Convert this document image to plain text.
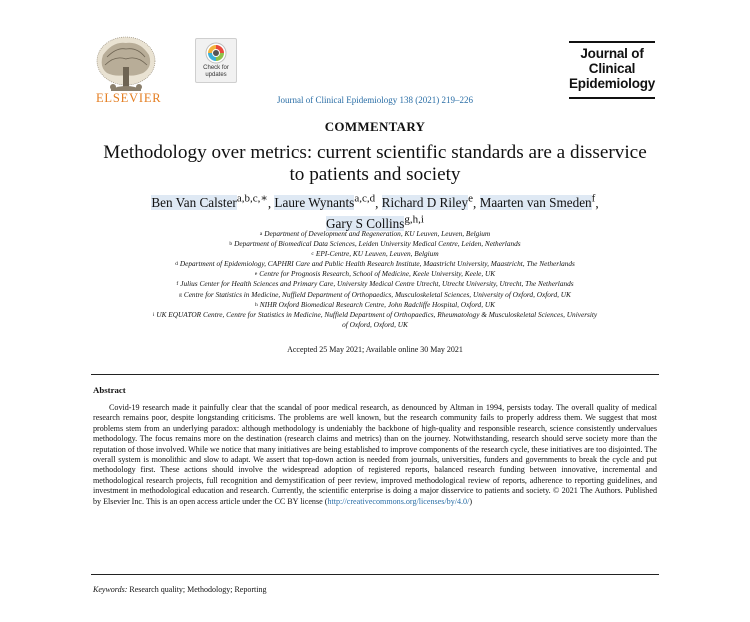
ELSEVIER
Check for
updates
Journal of
Clinical
Epidemiology
Journal of Clinical Epidemiology 138 (2021) 219–226
COMMENTARY
Methodology over metrics: current scientific standards are a disservice
to patients and society
Ben Van Calster$^{a,b,c,∗}$, Laure Wynants$^{a,c,d}$, Richard D Riley$^e$, Maarten van Smeden$^f$,
Gary S Collins$^{g,h,i}$
$^a$ Department of Development and Regeneration, KU Leuven, Leuven, Belgium
$^b$ Department of Biomedical Data Sciences, Leiden University Medical Centre, Leiden, Netherlands
$^c$ EPI-Centre, KU Leuven, Leuven, Belgium
$^d$ Department of Epidemiology, CAPHRI Care and Public Health Research Institute, Maastricht University, Maastricht, The Netherlands
$^e$ Centre for Prognosis Research, School of Medicine, Keele University, Keele, UK
$^f$ Julius Center for Health Sciences and Primary Care, University Medical Centre Utrecht, Utrecht University, Utrecht, The Netherlands
$^g$ Centre for Statistics in Medicine, Nuffield Department of Orthopaedics, Musculoskeletal Sciences, University of Oxford, Oxford, UK
$^h$ NIHR Oxford Biomedical Research Centre, John Radcliffe Hospital, Oxford, UK
$^i$ UK EQUATOR Centre, Centre for Statistics in Medicine, Nuffield Department of Orthopaedics, Rheumatology & Musculoskeletal Sciences, University
of Oxford, Oxford, UK
Accepted 25 May 2021; Available online 30 May 2021
Abstract
Covid-19 research made it painfully clear that the scandal of poor medical research, as denounced by Altman in 1994, persists today. The overall quality of medical research remains poor, despite longstanding criticisms. The problems are well known, but the research community fails to properly address them. We suggest that most problems stem from an underlying paradox: although methodology is undeniably the backbone of high-quality and responsible research, science consistently undervalues methodology. The focus remains more on the destination (research claims and metrics) than on the journey. Notwithstanding, research should serve society more than the reputation of those involved. While we notice that many initiatives are being established to improve components of the research cycle, these initiatives are too disjointed. The overall system is monolithic and slow to adapt. We assert that top-down action is needed from journals, universities, funders and governments to break the cycle and put methodology first. These actions should involve the widespread adoption of registered reports, balanced research funding between innovative, incremental and methodological research projects, full recognition and demystification of peer review, improved methodological review of reports, adherence to reporting guidelines, and investment in methodological education and research. Currently, the scientific enterprise is doing a major disservice to patients and society. © 2021 The Authors. Published by Elsevier Inc. This is an open access article under the CC BY license (http://creativecommons.org/licenses/by/4.0/)
Keywords: Research quality; Methodology; Reporting
